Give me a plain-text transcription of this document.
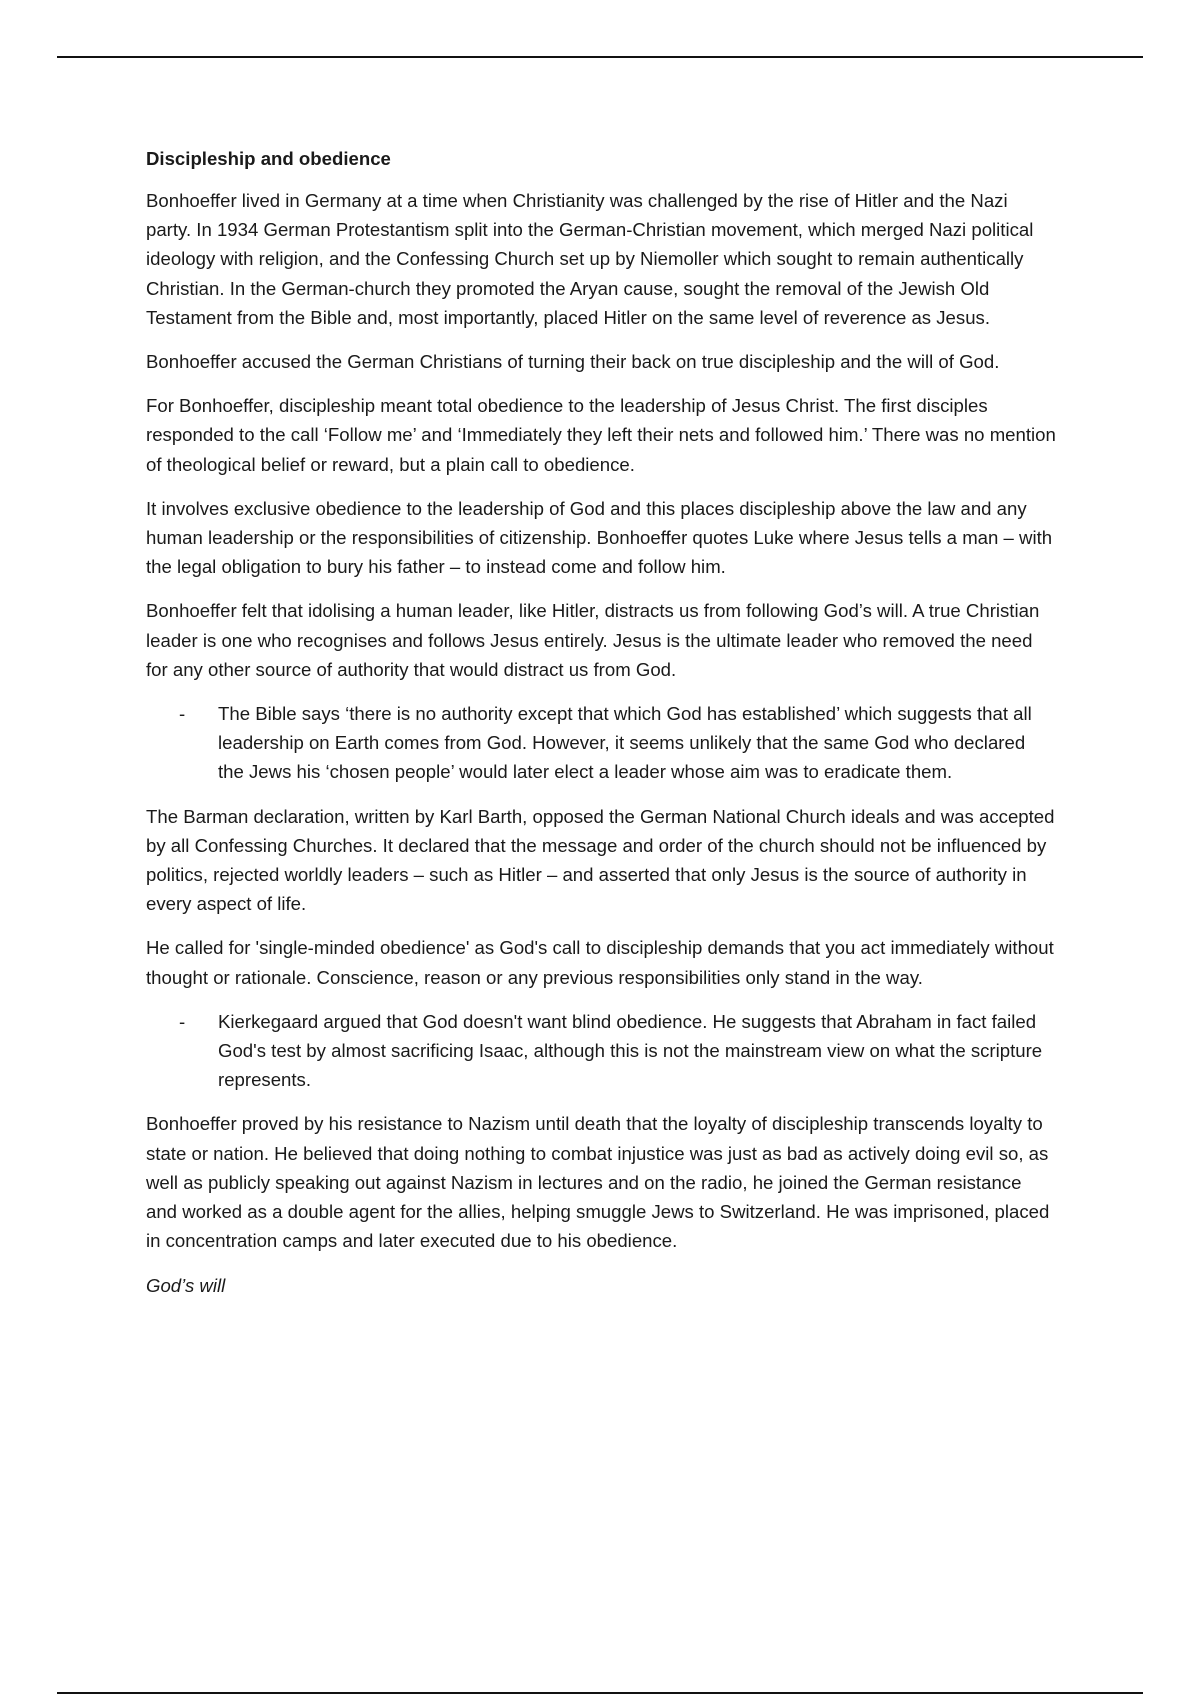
Discipleship and obedience

Bonhoeffer lived in Germany at a time when Christianity was challenged by the rise of Hitler and the Nazi party. In 1934 German Protestantism split into the German-Christian movement, which merged Nazi political ideology with religion, and the Confessing Church set up by Niemoller which sought to remain authentically Christian. In the German-church they promoted the Aryan cause, sought the removal of the Jewish Old Testament from the Bible and, most importantly, placed Hitler on the same level of reverence as Jesus.

Bonhoeffer accused the German Christians of turning their back on true discipleship and the will of God.

For Bonhoeffer, discipleship meant total obedience to the leadership of Jesus Christ. The first disciples responded to the call ‘Follow me’ and ‘Immediately they left their nets and followed him.’ There was no mention of theological belief or reward, but a plain call to obedience.

It involves exclusive obedience to the leadership of God and this places discipleship above the law and any human leadership or the responsibilities of citizenship. Bonhoeffer quotes Luke where Jesus tells a man – with the legal obligation to bury his father – to instead come and follow him.

Bonhoeffer felt that idolising a human leader, like Hitler, distracts us from following God’s will. A true Christian leader is one who recognises and follows Jesus entirely. Jesus is the ultimate leader who removed the need for any other source of authority that would distract us from God.

- The Bible says ‘there is no authority except that which God has established’ which suggests that all leadership on Earth comes from God. However, it seems unlikely that the same God who declared the Jews his ‘chosen people’ would later elect a leader whose aim was to eradicate them.

The Barman declaration, written by Karl Barth, opposed the German National Church ideals and was accepted by all Confessing Churches. It declared that the message and order of the church should not be influenced by politics, rejected worldly leaders – such as Hitler – and asserted that only Jesus is the source of authority in every aspect of life.

He called for 'single-minded obedience' as God's call to discipleship demands that you act immediately without thought or rationale. Conscience, reason or any previous responsibilities only stand in the way.

- Kierkegaard argued that God doesn't want blind obedience. He suggests that Abraham in fact failed God's test by almost sacrificing Isaac, although this is not the mainstream view on what the scripture represents.

Bonhoeffer proved by his resistance to Nazism until death that the loyalty of discipleship transcends loyalty to state or nation. He believed that doing nothing to combat injustice was just as bad as actively doing evil so, as well as publicly speaking out against Nazism in lectures and on the radio, he joined the German resistance and worked as a double agent for the allies, helping smuggle Jews to Switzerland. He was imprisoned, placed in concentration camps and later executed due to his obedience.

God’s will
